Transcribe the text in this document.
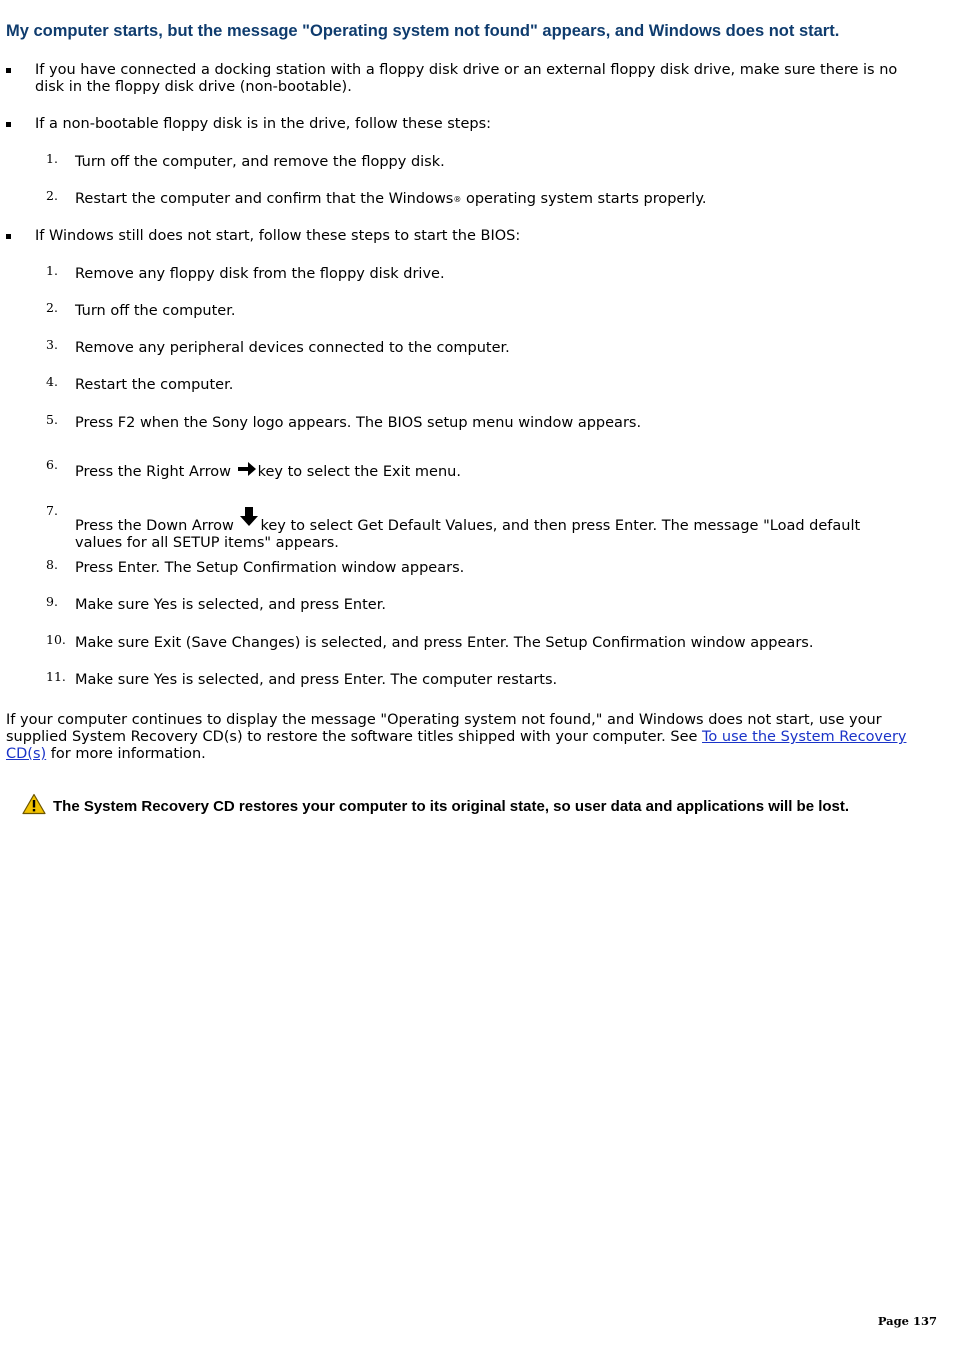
My computer starts, but the message "Operating system not found" appears, and Windows does not start.
If you have connected a docking station with a floppy disk drive or an external floppy disk drive, make sure there is no disk in the floppy disk drive (non-bootable).
If a non-bootable floppy disk is in the drive, follow these steps:
1. Turn off the computer, and remove the floppy disk.
2. Restart the computer and confirm that the Windows® operating system starts properly.
If Windows still does not start, follow these steps to start the BIOS:
1. Remove any floppy disk from the floppy disk drive.
2. Turn off the computer.
3. Remove any peripheral devices connected to the computer.
4. Restart the computer.
5. Press F2 when the Sony logo appears. The BIOS setup menu window appears.
6. Press the Right Arrow key to select the Exit menu.
7.
Press the Down Arrow key to select Get Default Values, and then press Enter. The message "Load default values for all SETUP items" appears.
8. Press Enter. The Setup Confirmation window appears.
9. Make sure Yes is selected, and press Enter.
10. Make sure Exit (Save Changes) is selected, and press Enter. The Setup Confirmation window appears.
11. Make sure Yes is selected, and press Enter. The computer restarts.
If your computer continues to display the message "Operating system not found," and Windows does not start, use your supplied System Recovery CD(s) to restore the software titles shipped with your computer. See To use the System Recovery CD(s) for more information.
The System Recovery CD restores your computer to its original state, so user data and applications will be lost.
Page 137
